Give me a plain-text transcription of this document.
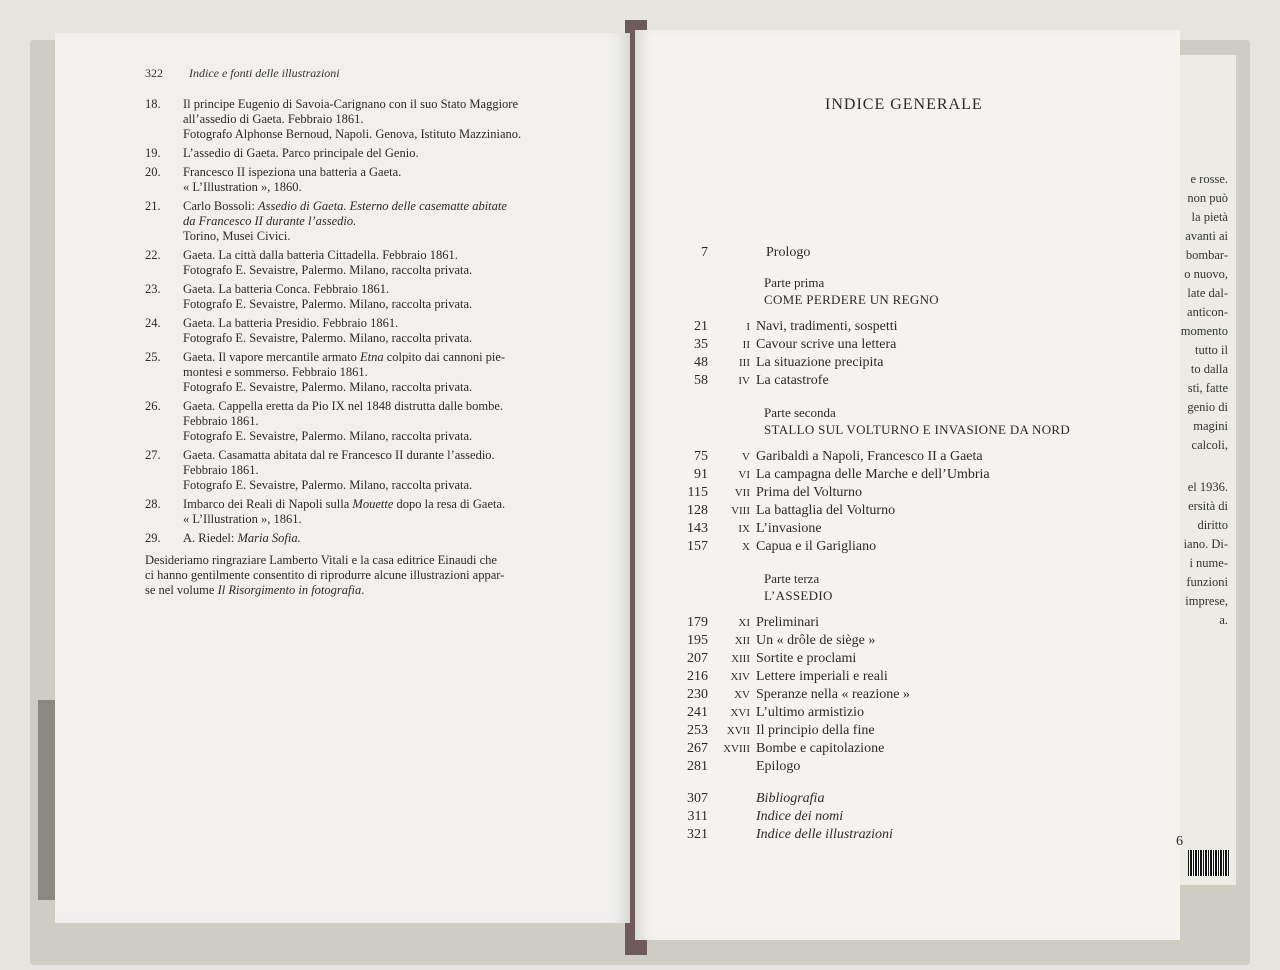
322 Indice e fonti delle illustrazioni
18.	Il principe Eugenio di Savoia-Carignano con il suo Stato Maggiore
all’assedio di Gaeta. Febbraio 1861.
Fotografo Alphonse Bernoud, Napoli. Genova, Istituto Mazziniano.
19.	L’assedio di Gaeta. Parco principale del Genio.
20.	Francesco II ispeziona una batteria a Gaeta.
« L’Illustration », 1860.
21.	Carlo Bossoli: Assedio di Gaeta. Esterno delle casematte abitate
da Francesco II durante l’assedio.
Torino, Musei Civici.
22.	Gaeta. La città dalla batteria Cittadella. Febbraio 1861.
Fotografo E. Sevaistre, Palermo. Milano, raccolta privata.
23.	Gaeta. La batteria Conca. Febbraio 1861.
Fotografo E. Sevaistre, Palermo. Milano, raccolta privata.
24.	Gaeta. La batteria Presidio. Febbraio 1861.
Fotografo E. Sevaistre, Palermo. Milano, raccolta privata.
25.	Gaeta. Il vapore mercantile armato Etna colpito dai cannoni pie-
montesi e sommerso. Febbraio 1861.
Fotografo E. Sevaistre, Palermo. Milano, raccolta privata.
26.	Gaeta. Cappella eretta da Pio IX nel 1848 distrutta dalle bombe.
Febbraio 1861.
Fotografo E. Sevaistre, Palermo. Milano, raccolta privata.
27.	Gaeta. Casamatta abitata dal re Francesco II durante l’assedio.
Febbraio 1861.
Fotografo E. Sevaistre, Palermo. Milano, raccolta privata.
28.	Imbarco dei Reali di Napoli sulla Mouette dopo la resa di Gaeta.
« L’Illustration », 1861.
29.	A. Riedel: Maria Sofia.
Desideriamo ringraziare Lamberto Vitali e la casa editrice Einaudi che
ci hanno gentilmente consentito di riprodurre alcune illustrazioni appar-
se nel volume Il Risorgimento in fotografia.
INDICE GENERALE
7	Prologo
Parte prima
COME PERDERE UN REGNO
21	I Navi, tradimenti, sospetti
35	II Cavour scrive una lettera
48	III La situazione precipita
58	IV La catastrofe
Parte seconda
STALLO SUL VOLTURNO E INVASIONE DA NORD
75	V Garibaldi a Napoli, Francesco II a Gaeta
91	VI La campagna delle Marche e dell’Umbria
115	VII Prima del Volturno
128	VIII La battaglia del Volturno
143	IX L’invasione
157	X Capua e il Garigliano
Parte terza
L’ASSEDIO
179	XI Preliminari
195	XII Un « drôle de siège »
207	XIII Sortite e proclami
216	XIV Lettere imperiali e reali
230	XV Speranze nella « reazione »
241	XVI L’ultimo armistizio
253	XVII Il principio della fine
267	XVIII Bombe e capitolazione
281	Epilogo
307	Bibliografia
311	Indice dei nomi
321	Indice delle illustrazioni
e rosse.
non può
la pietà
avanti ai
bombar-
o nuovo,
late dal-
anticon-
momento
tutto il
to dalla
sti, fatte
genio di
magini
calcoli,
el 1936.
ersità di
diritto
iano. Di-
i nume-
funzioni
imprese,
a.
6
